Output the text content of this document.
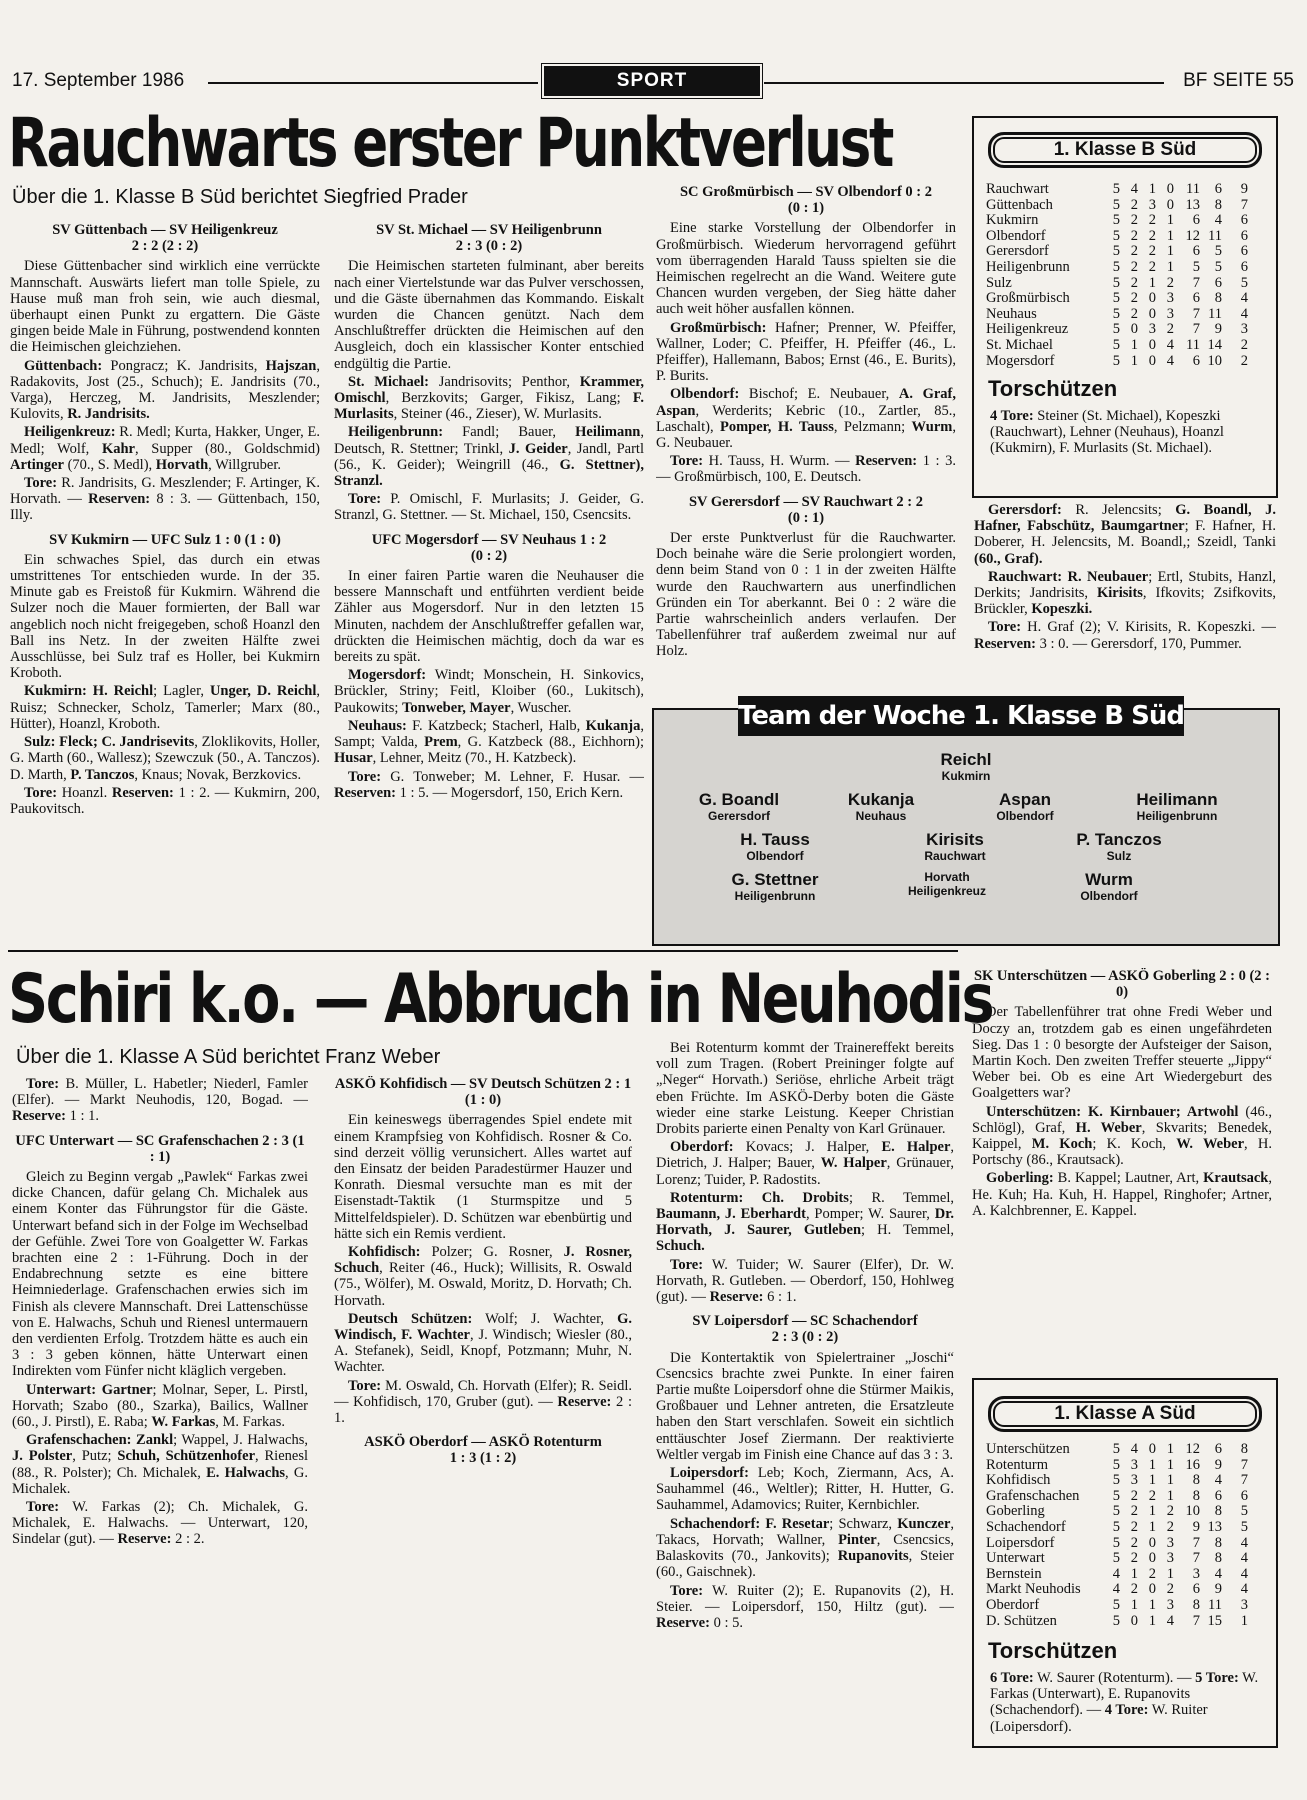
17. September 1986	SPORT	BF SEITE 55
Rauchwarts erster Punktverlust
Über die 1. Klasse B Süd berichtet Siegfried Prader

SV Güttenbach — SV Heiligenkreuz
2 : 2 (2 : 2)

Diese Güttenbacher sind wirklich eine verrückte Mannschaft. Auswärts liefert man tolle Spiele, zu Hause muß man froh sein, wie auch diesmal, überhaupt einen Punkt zu ergattern. Die Gäste gingen beide Male in Führung, postwendend konnten die Heimischen gleichziehen.

Güttenbach: Pongracz; K. Jandrisits, Hajszan, Radakovits, Jost (25., Schuch); E. Jandrisits (70., Varga), Herczeg, M. Jandrisits, Meszlender; Kulovits, R. Jandrisits.

Heiligenkreuz: R. Medl; Kurta, Hakker, Unger, E. Medl; Wolf, Kahr, Supper (80., Goldschmid) Artinger (70., S. Medl), Horvath, Willgruber.

Tore: R. Jandrisits, G. Meszlender; F. Artinger, K. Horvath. — Reserven: 8 : 3. — Güttenbach, 150, Illy.

SV Kukmirn — UFC Sulz 1 : 0 (1 : 0)

Ein schwaches Spiel, das durch ein etwas umstrittenes Tor entschieden wurde. In der 35. Minute gab es Freistoß für Kukmirn. Während die Sulzer noch die Mauer formierten, der Ball war angeblich noch nicht freigegeben, schoß Hoanzl den Ball ins Netz. In der zweiten Hälfte zwei Ausschlüsse, bei Sulz traf es Holler, bei Kukmirn Kroboth.

Kukmirn: H. Reichl; Lagler, Unger, D. Reichl, Ruisz; Schnecker, Scholz, Tamerler; Marx (80., Hütter), Hoanzl, Kroboth.

Sulz: Fleck; C. Jandrisevits, Zloklikovits, Holler, G. Marth (60., Wallesz); Szewczuk (50., A. Tanczos). D. Marth, P. Tanczos, Knaus; Novak, Berzkovics.

Tore: Hoanzl. Reserven: 1 : 2. — Kukmirn, 200, Paukovitsch.

SV St. Michael — SV Heiligenbrunn
2 : 3 (0 : 2)

Die Heimischen starteten fulminant, aber bereits nach einer Viertelstunde war das Pulver verschossen, und die Gäste übernahmen das Kommando. Eiskalt wurden die Chancen genützt. Nach dem Anschlußtreffer drückten die Heimischen auf den Ausgleich, doch ein klassischer Konter entschied endgültig die Partie.

St. Michael: Jandrisovits; Penthor, Krammer, Omischl, Berzkovits; Garger, Fikisz, Lang; F. Murlasits, Steiner (46., Zieser), W. Murlasits.

Heiligenbrunn: Fandl; Bauer, Heilimann, Deutsch, R. Stettner; Trinkl, J. Geider, Jandl, Partl (56., K. Geider); Weingrill (46., G. Stettner), Stranzl.

Tore: P. Omischl, F. Murlasits; J. Geider, G. Stranzl, G. Stettner. — St. Michael, 150, Csencsits.

UFC Mogersdorf — SV Neuhaus 1 : 2
(0 : 2)

In einer fairen Partie waren die Neuhauser die bessere Mannschaft und entführten verdient beide Zähler aus Mogersdorf. Nur in den letzten 15 Minuten, nachdem der Anschlußtreffer gefallen war, drückten die Heimischen mächtig, doch da war es bereits zu spät.

Mogersdorf: Windt; Monschein, H. Sinkovics, Brückler, Striny; Feitl, Kloiber (60., Lukitsch), Paukowits; Tonweber, Mayer, Wuscher.

Neuhaus: F. Katzbeck; Stacherl, Halb, Kukanja, Sampt; Valda, Prem, G. Katzbeck (88., Eichhorn); Husar, Lehner, Meitz (70., H. Katzbeck).

Tore: G. Tonweber; M. Lehner, F. Husar. — Reserven: 1 : 5. — Mogersdorf, 150, Erich Kern.

SC Großmürbisch — SV Olbendorf 0 : 2
(0 : 1)

Eine starke Vorstellung der Olbendorfer in Großmürbisch. Wiederum hervorragend geführt vom überragenden Harald Tauss spielten sie die Heimischen regelrecht an die Wand. Weitere gute Chancen wurden vergeben, der Sieg hätte daher auch weit höher ausfallen können.

Großmürbisch: Hafner; Prenner, W. Pfeiffer, Wallner, Loder; C. Pfeiffer, H. Pfeiffer (46., L. Pfeiffer), Hallemann, Babos; Ernst (46., E. Burits), P. Burits.

Olbendorf: Bischof; E. Neubauer, A. Graf, Aspan, Werderits; Kebric (10., Zartler, 85., Laschalt), Pomper, H. Tauss, Pelzmann; Wurm, G. Neubauer.

Tore: H. Tauss, H. Wurm. — Reserven: 1 : 3. — Großmürbisch, 100, E. Deutsch.

SV Gerersdorf — SV Rauchwart 2 : 2
(0 : 1)

Der erste Punktverlust für die Rauchwarter. Doch beinahe wäre die Serie prolongiert worden, denn beim Stand von 0 : 1 in der zweiten Hälfte wurde den Rauchwartern aus unerfindlichen Gründen ein Tor aberkannt. Bei 0 : 2 wäre die Partie wahrscheinlich anders verlaufen. Der Tabellenführer traf außerdem zweimal nur auf Holz.

Gerersdorf: R. Jelencsits; G. Boandl, J. Hafner, Fabschütz, Baumgartner; F. Hafner, H. Doberer, H. Jelencsits, M. Boandl,; Szeidl, Tanki (60., Graf).

Rauchwart: R. Neubauer; Ertl, Stubits, Hanzl, Derkits; Jandrisits, Kirisits, Ifkovits; Zsifkovits, Brückler, Kopeszki.

Tore: H. Graf (2); V. Kirisits, R. Kopeszki. — Reserven: 3 : 0. — Gerersdorf, 170, Pummer.

1. Klasse B Süd
Rauchwart	5	4	1	0	11	6	9
Güttenbach	5	2	3	0	13	8	7
Kukmirn	5	2	2	1	6	4	6
Olbendorf	5	2	2	1	12	11	6
Gerersdorf	5	2	2	1	6	5	6
Heiligenbrunn	5	2	2	1	5	5	6
Sulz	5	2	1	2	7	6	5
Großmürbisch	5	2	0	3	6	8	4
Neuhaus	5	2	0	3	7	11	4
Heiligenkreuz	5	0	3	2	7	9	3
St. Michael	5	1	0	4	11	14	2
Mogersdorf	5	1	0	4	6	10	2
Torschützen
4 Tore: Steiner (St. Michael), Kopeszki (Rauchwart), Lehner (Neuhaus), Hoanzl (Kukmirn), F. Murlasits (St. Michael).
Team der Woche 1. Klasse B Süd
Reichl
Kukmirn
G. Boandl
Gerersdorf
Kukanja
Neuhaus
Aspan
Olbendorf
Heilimann
Heiligenbrunn
H. Tauss
Olbendorf
Kirisits
Rauchwart
P. Tanczos
Sulz
G. Stettner
Heiligenbrunn
Horvath
Heiligenkreuz
Wurm
Olbendorf
Schiri k.o. — Abbruch in Neuhodis
Über die 1. Klasse A Süd berichtet Franz Weber

Tore: B. Müller, L. Habetler; Niederl, Famler (Elfer). — Markt Neuhodis, 120, Bogad. — Reserve: 1 : 1.

UFC Unterwart — SC Grafenschachen 2 : 3 (1 : 1)

Gleich zu Beginn vergab „Pawlek“ Farkas zwei dicke Chancen, dafür gelang Ch. Michalek aus einem Konter das Führungstor für die Gäste. Unterwart befand sich in der Folge im Wechselbad der Gefühle. Zwei Tore von Goalgetter W. Farkas brachten eine 2 : 1-Führung. Doch in der Endabrechnung setzte es eine bittere Heimniederlage. Grafenschachen erwies sich im Finish als clevere Mannschaft. Drei Lattenschüsse von E. Halwachs, Schuh und Rienesl untermauern den verdienten Erfolg. Trotzdem hätte es auch ein 3 : 3 geben können, hätte Unterwart einen Indirekten vom Fünfer nicht kläglich vergeben.

Unterwart: Gartner; Molnar, Seper, L. Pirstl, Horvath; Szabo (80., Szarka), Bailics, Wallner (60., J. Pirstl), E. Raba; W. Farkas, M. Farkas.

Grafenschachen: Zankl; Wappel, J. Halwachs, J. Polster, Putz; Schuh, Schützenhofer, Rienesl (88., R. Polster); Ch. Michalek, E. Halwachs, G. Michalek.

Tore: W. Farkas (2); Ch. Michalek, G. Michalek, E. Halwachs. — Unterwart, 120, Sindelar (gut). — Reserve: 2 : 2.

ASKÖ Kohfidisch — SV Deutsch Schützen 2 : 1 (1 : 0)

Ein keineswegs überragendes Spiel endete mit einem Krampfsieg von Kohfidisch. Rosner & Co. sind derzeit völlig verunsichert. Alles wartet auf den Einsatz der beiden Paradestürmer Hauzer und Konrath. Diesmal versuchte man es mit der Eisenstadt-Taktik (1 Sturmspitze und 5 Mittelfeldspieler). D. Schützen war ebenbürtig und hätte sich ein Remis verdient.

Kohfidisch: Polzer; G. Rosner, J. Rosner, Schuch, Reiter (46., Huck); Willisits, R. Oswald (75., Wölfer), M. Oswald, Moritz, D. Horvath; Ch. Horvath.

Deutsch Schützen: Wolf; J. Wachter, G. Windisch, F. Wachter, J. Windisch; Wiesler (80., A. Stefanek), Seidl, Knopf, Potzmann; Muhr, N. Wachter.

Tore: M. Oswald, Ch. Horvath (Elfer); R. Seidl. — Kohfidisch, 170, Gruber (gut). — Reserve: 2 : 1.

ASKÖ Oberdorf — ASKÖ Rotenturm
1 : 3 (1 : 2)

Bei Rotenturm kommt der Trainereffekt bereits voll zum Tragen. (Robert Preininger folgte auf „Neger“ Horvath.) Seriöse, ehrliche Arbeit trägt eben Früchte. Im ASKÖ-Derby boten die Gäste wieder eine starke Leistung. Keeper Christian Drobits parierte einen Penalty von Karl Grünauer.

Oberdorf: Kovacs; J. Halper, E. Halper, Dietrich, J. Halper; Bauer, W. Halper, Grünauer, Lorenz; Tuider, P. Radostits.

Rotenturm: Ch. Drobits; R. Temmel, Baumann, J. Eberhardt, Pomper; W. Saurer, Dr. Horvath, J. Saurer, Gutleben; H. Temmel, Schuch.

Tore: W. Tuider; W. Saurer (Elfer), Dr. W. Horvath, R. Gutleben. — Oberdorf, 150, Hohlweg (gut). — Reserve: 6 : 1.

SV Loipersdorf — SC Schachendorf
2 : 3 (0 : 2)

Die Kontertaktik von Spielertrainer „Joschi“ Csencsics brachte zwei Punkte. In einer fairen Partie mußte Loipersdorf ohne die Stürmer Maikis, Großbauer und Lehner antreten, die Ersatzleute haben den Start verschlafen. Soweit ein sichtlich enttäuschter Josef Ziermann. Der reaktivierte Weltler vergab im Finish eine Chance auf das 3 : 3.

Loipersdorf: Leb; Koch, Ziermann, Acs, A. Sauhammel (46., Weltler); Ritter, H. Hutter, G. Sauhammel, Adamovics; Ruiter, Kernbichler.

Schachendorf: F. Resetar; Schwarz, Kunczer, Takacs, Horvath; Wallner, Pinter, Csencsics, Balaskovits (70., Jankovits); Rupanovits, Steier (60., Gaischnek).

Tore: W. Ruiter (2); E. Rupanovits (2), H. Steier. — Loipersdorf, 150, Hiltz (gut). — Reserve: 0 : 5.

SK Unterschützen — ASKÖ Goberling 2 : 0 (2 : 0)

Der Tabellenführer trat ohne Fredi Weber und Doczy an, trotzdem gab es einen ungefährdeten Sieg. Das 1 : 0 besorgte der Aufsteiger der Saison, Martin Koch. Den zweiten Treffer steuerte „Jippy“ Weber bei. Ob es eine Art Wiedergeburt des Goalgetters war?

Unterschützen: K. Kirnbauer; Artwohl (46., Schlögl), Graf, H. Weber, Skvarits; Benedek, Kaippel, M. Koch; K. Koch, W. Weber, H. Portschy (86., Krautsack).

Goberling: B. Kappel; Lautner, Art, Krautsack, He. Kuh; Ha. Kuh, H. Happel, Ringhofer; Artner, A. Kalchbrenner, E. Kappel.

1. Klasse A Süd
Unterschützen	5	4	0	1	12	6	8
Rotenturm	5	3	1	1	16	9	7
Kohfidisch	5	3	1	1	8	4	7
Grafenschachen	5	2	2	1	8	6	6
Goberling	5	2	1	2	10	8	5
Schachendorf	5	2	1	2	9	13	5
Loipersdorf	5	2	0	3	7	8	4
Unterwart	5	2	0	3	7	8	4
Bernstein	4	1	2	1	3	4	4
Markt Neuhodis	4	2	0	2	6	9	4
Oberdorf	5	1	1	3	8	11	3
D. Schützen	5	0	1	4	7	15	1
Torschützen
6 Tore: W. Saurer (Rotenturm). — 5 Tore: W. Farkas (Unterwart), E. Rupanovits (Schachendorf). — 4 Tore: W. Ruiter (Loipersdorf).
